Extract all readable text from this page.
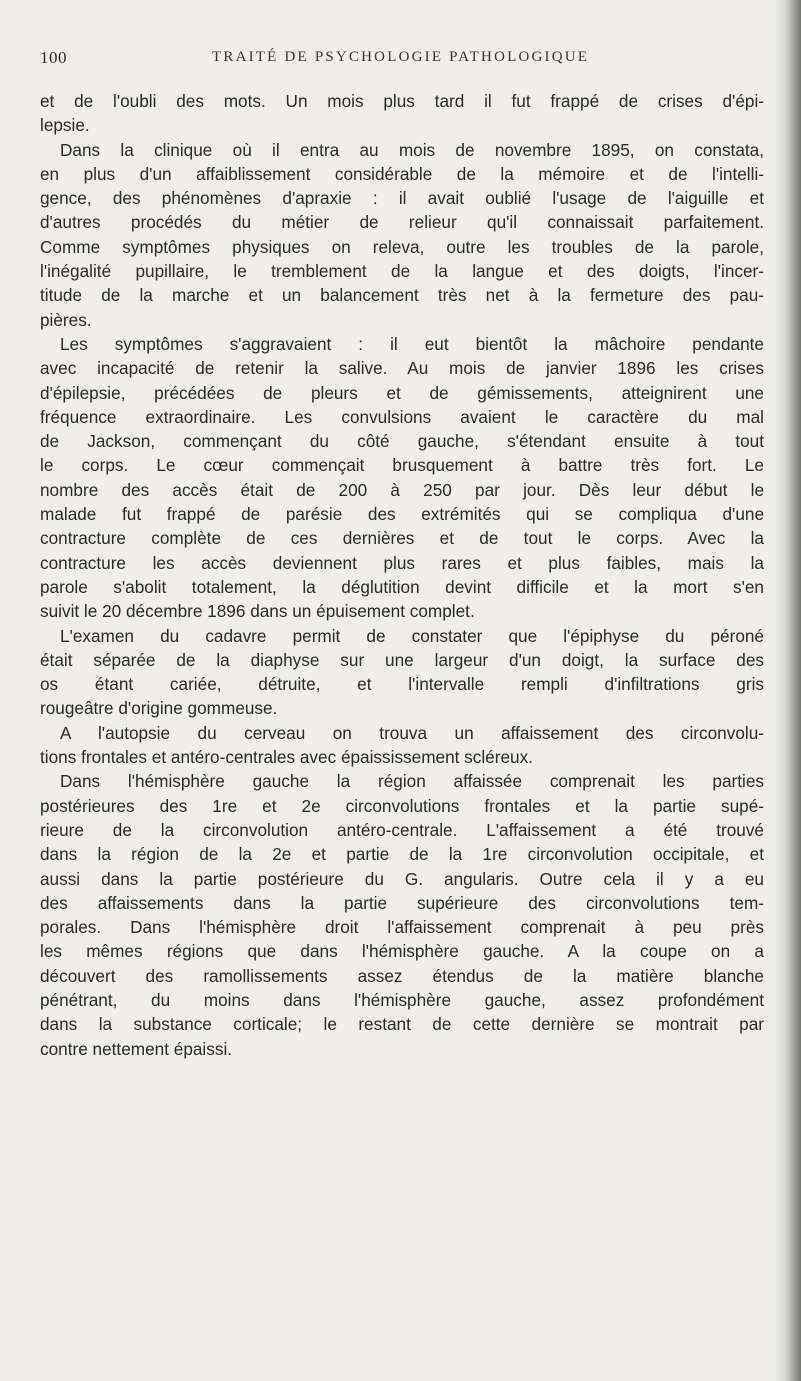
100	TRAITÉ DE PSYCHOLOGIE PATHOLOGIQUE
et de l'oubli des mots. Un mois plus tard il fut frappé de crises d'épi-
lepsie.
Dans la clinique où il entra au mois de novembre 1895, on constata,
en plus d'un affaiblissement considérable de la mémoire et de l'intelli-
gence, des phénomènes d'apraxie : il avait oublié l'usage de l'aiguille et
d'autres procédés du métier de relieur qu'il connaissait parfaitement.
Comme symptômes physiques on releva, outre les troubles de la parole,
l'inégalité pupillaire, le tremblement de la langue et des doigts, l'incer-
titude de la marche et un balancement très net à la fermeture des pau-
pières.
Les symptômes s'aggravaient : il eut bientôt la mâchoire pendante
avec incapacité de retenir la salive. Au mois de janvier 1896 les crises
d'épilepsie, précédées de pleurs et de gémissements, atteignirent une
fréquence extraordinaire. Les convulsions avaient le caractère du mal
de Jackson, commençant du côté gauche, s'étendant ensuite à tout
le corps. Le cœur commençait brusquement à battre très fort. Le
nombre des accès était de 200 à 250 par jour. Dès leur début le
malade fut frappé de parésie des extrémités qui se compliqua d'une
contracture complète de ces dernières et de tout le corps. Avec la
contracture les accès deviennent plus rares et plus faibles, mais la
parole s'abolit totalement, la déglutition devint difficile et la mort s'en
suivit le 20 décembre 1896 dans un épuisement complet.
L'examen du cadavre permit de constater que l'épiphyse du péroné
était séparée de la diaphyse sur une largeur d'un doigt, la surface des
os étant cariée, détruite, et l'intervalle rempli d'infiltrations gris
rougeâtre d'origine gommeuse.
A l'autopsie du cerveau on trouva un affaissement des circonvolu-
tions frontales et antéro-centrales avec épaississement scléreux.
Dans l'hémisphère gauche la région affaissée comprenait les parties
postérieures des 1re et 2e circonvolutions frontales et la partie supé-
rieure de la circonvolution antéro-centrale. L'affaissement a été trouvé
dans la région de la 2e et partie de la 1re circonvolution occipitale, et
aussi dans la partie postérieure du G. angularis. Outre cela il y a eu
des affaissements dans la partie supérieure des circonvolutions tem-
porales. Dans l'hémisphère droit l'affaissement comprenait à peu près
les mêmes régions que dans l'hémisphère gauche. A la coupe on a
découvert des ramollissements assez étendus de la matière blanche
pénétrant, du moins dans l'hémisphère gauche, assez profondément
dans la substance corticale; le restant de cette dernière se montrait par
contre nettement épaissi.
